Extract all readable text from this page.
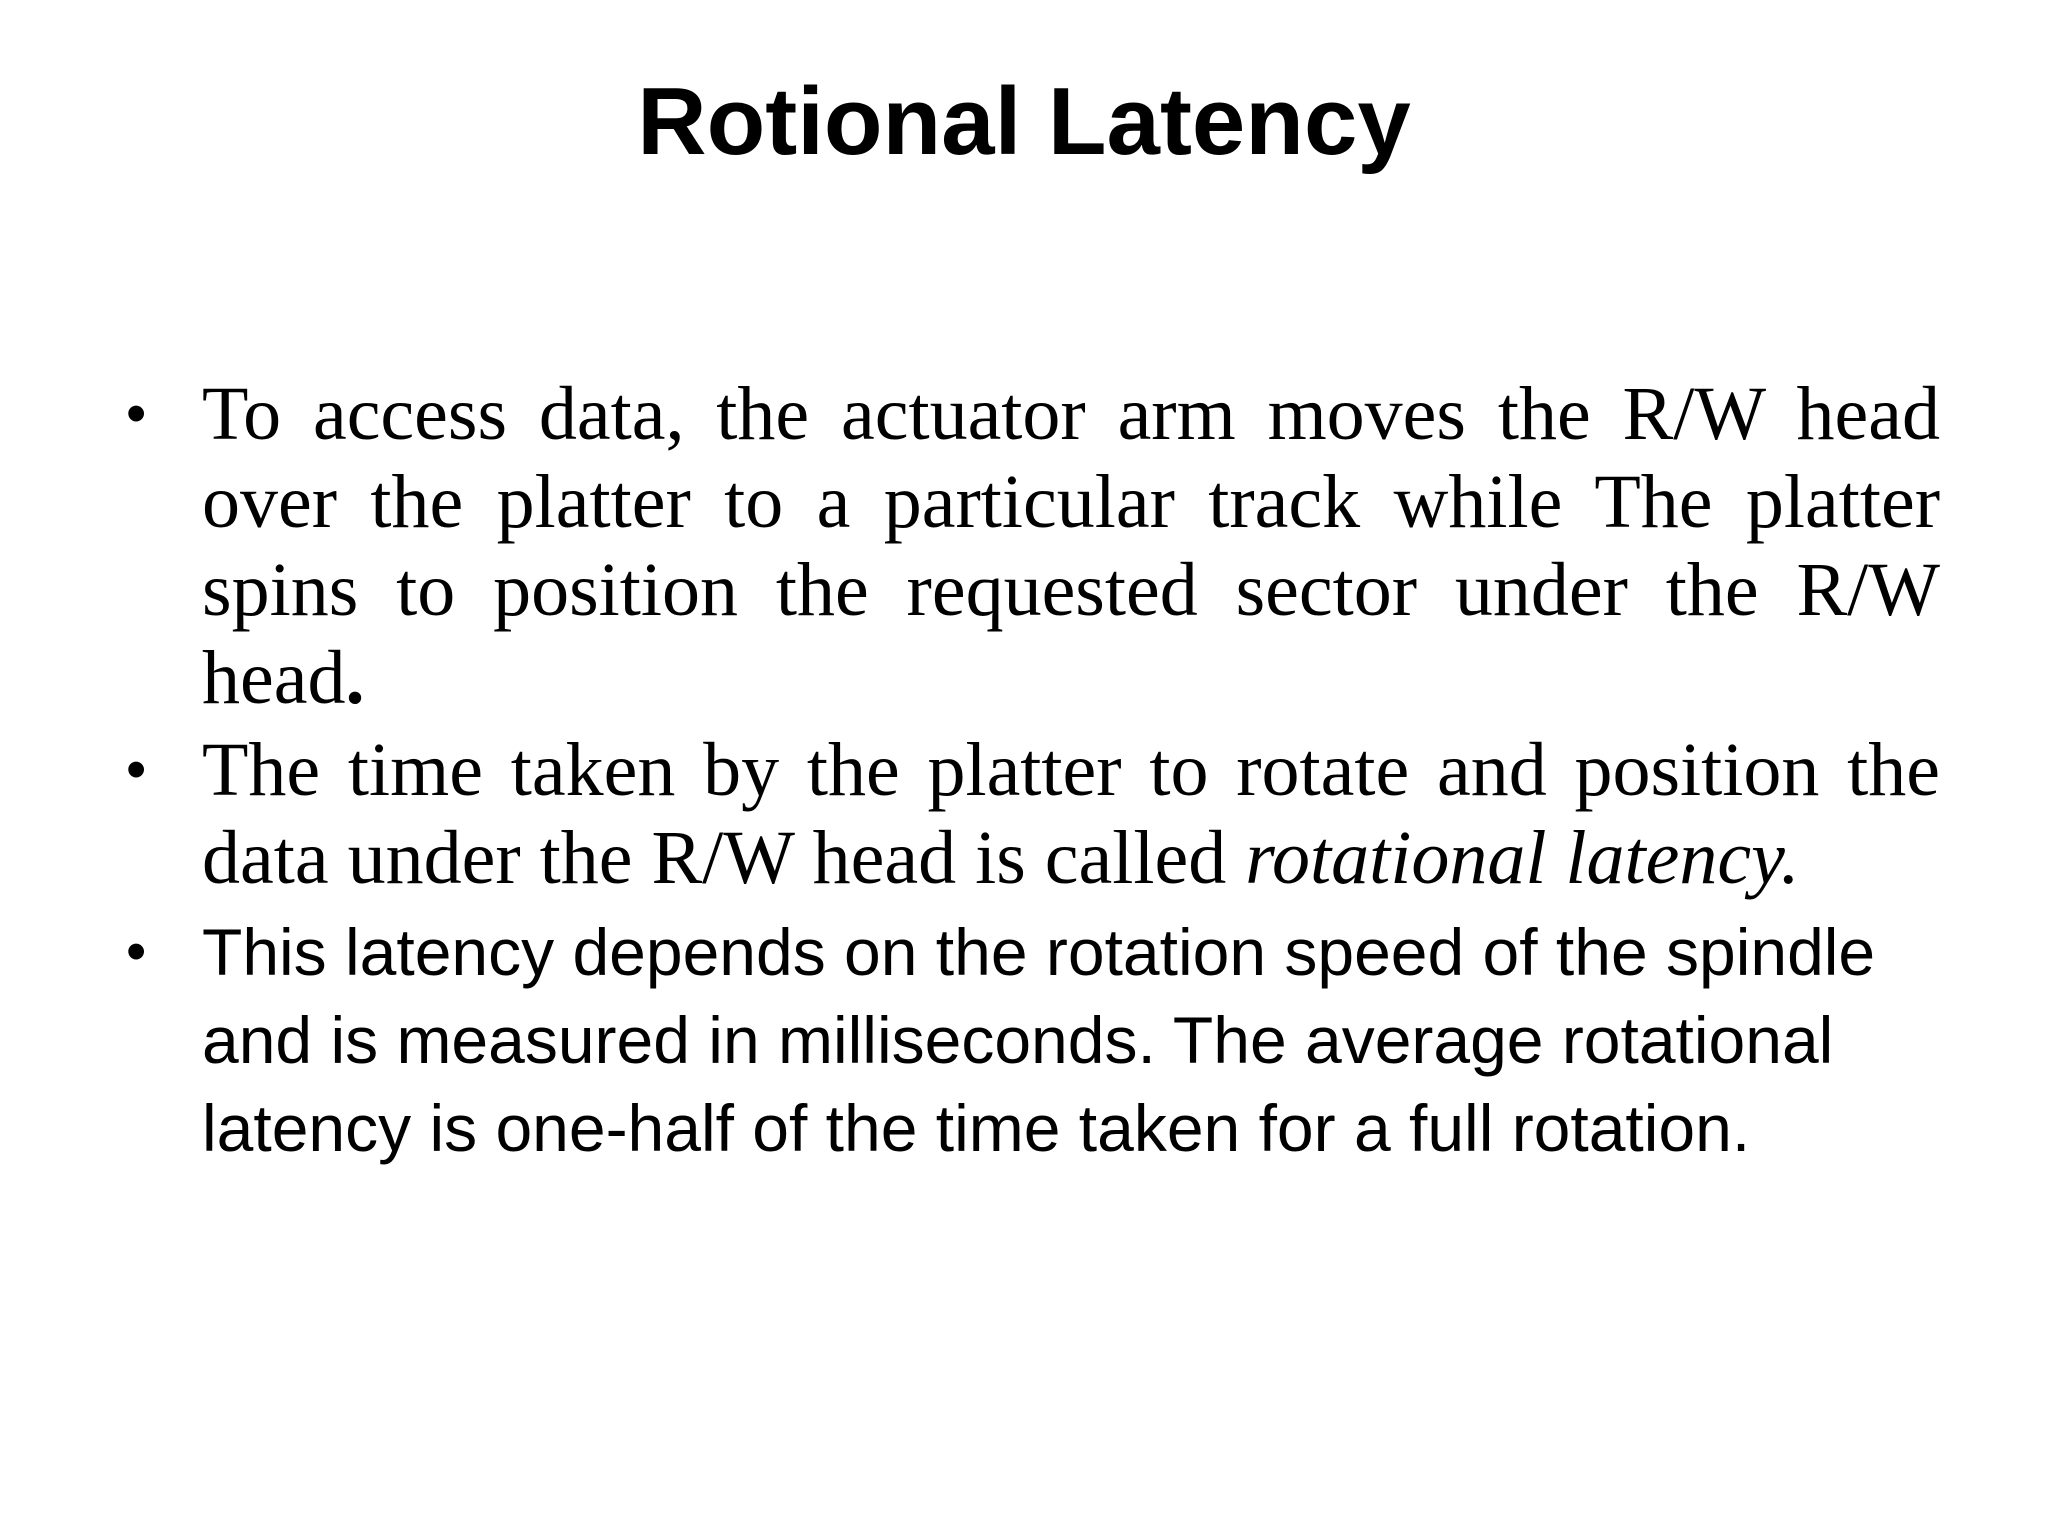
Rotional Latency
• To access data, the actuator arm moves the R/W head over the platter to a particular track while The platter spins to position the requested sector under the R/W head.
• The time taken by the platter to rotate and position the data under the R/W head is called rotational latency.
• This latency depends on the rotation speed of the spindle and is measured in milliseconds. The average rotational latency is one-half of the time taken for a full rotation.
